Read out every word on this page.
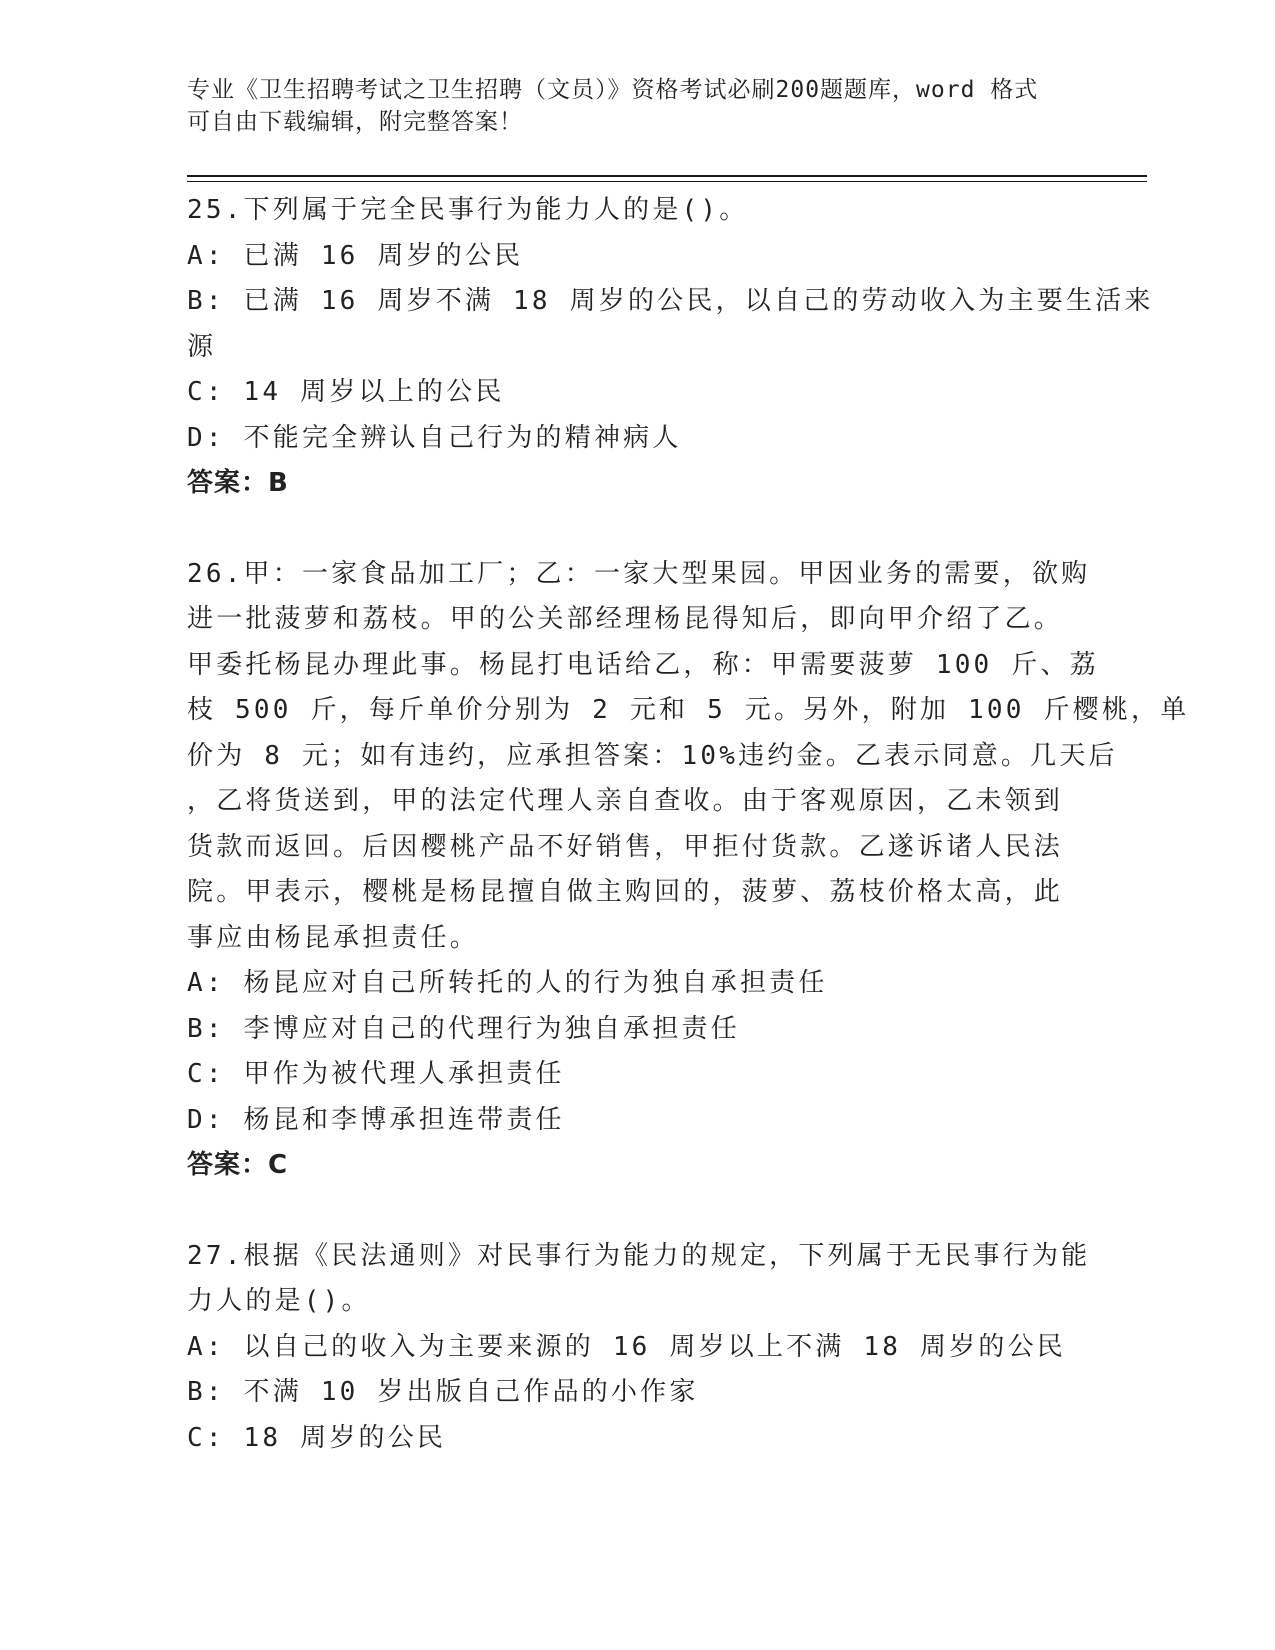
专业《卫生招聘考试之卫生招聘（文员）》资格考试必刷200题题库，word 格式
可自由下载编辑，附完整答案！
25.下列属于完全民事行为能力人的是()。
A: 已满 16 周岁的公民
B: 已满 16 周岁不满 18 周岁的公民，以自己的劳动收入为主要生活来
源
C: 14 周岁以上的公民
D: 不能完全辨认自己行为的精神病人
答案：B
26.甲：一家食品加工厂；乙：一家大型果园。甲因业务的需要，欲购
进一批菠萝和荔枝。甲的公关部经理杨昆得知后，即向甲介绍了乙。
甲委托杨昆办理此事。杨昆打电话给乙，称：甲需要菠萝 100 斤、荔
枝 500 斤，每斤单价分别为 2 元和 5 元。另外，附加 100 斤樱桃，单
价为 8 元；如有违约，应承担答案：10%违约金。乙表示同意。几天后
，乙将货送到，甲的法定代理人亲自查收。由于客观原因，乙未领到
货款而返回。后因樱桃产品不好销售，甲拒付货款。乙遂诉诸人民法
院。甲表示，樱桃是杨昆擅自做主购回的，菠萝、荔枝价格太高，此
事应由杨昆承担责任。
A: 杨昆应对自己所转托的人的行为独自承担责任
B: 李博应对自己的代理行为独自承担责任
C: 甲作为被代理人承担责任
D: 杨昆和李博承担连带责任
答案：C
27.根据《民法通则》对民事行为能力的规定，下列属于无民事行为能
力人的是()。
A: 以自己的收入为主要来源的 16 周岁以上不满 18 周岁的公民
B: 不满 10 岁出版自己作品的小作家
C: 18 周岁的公民
